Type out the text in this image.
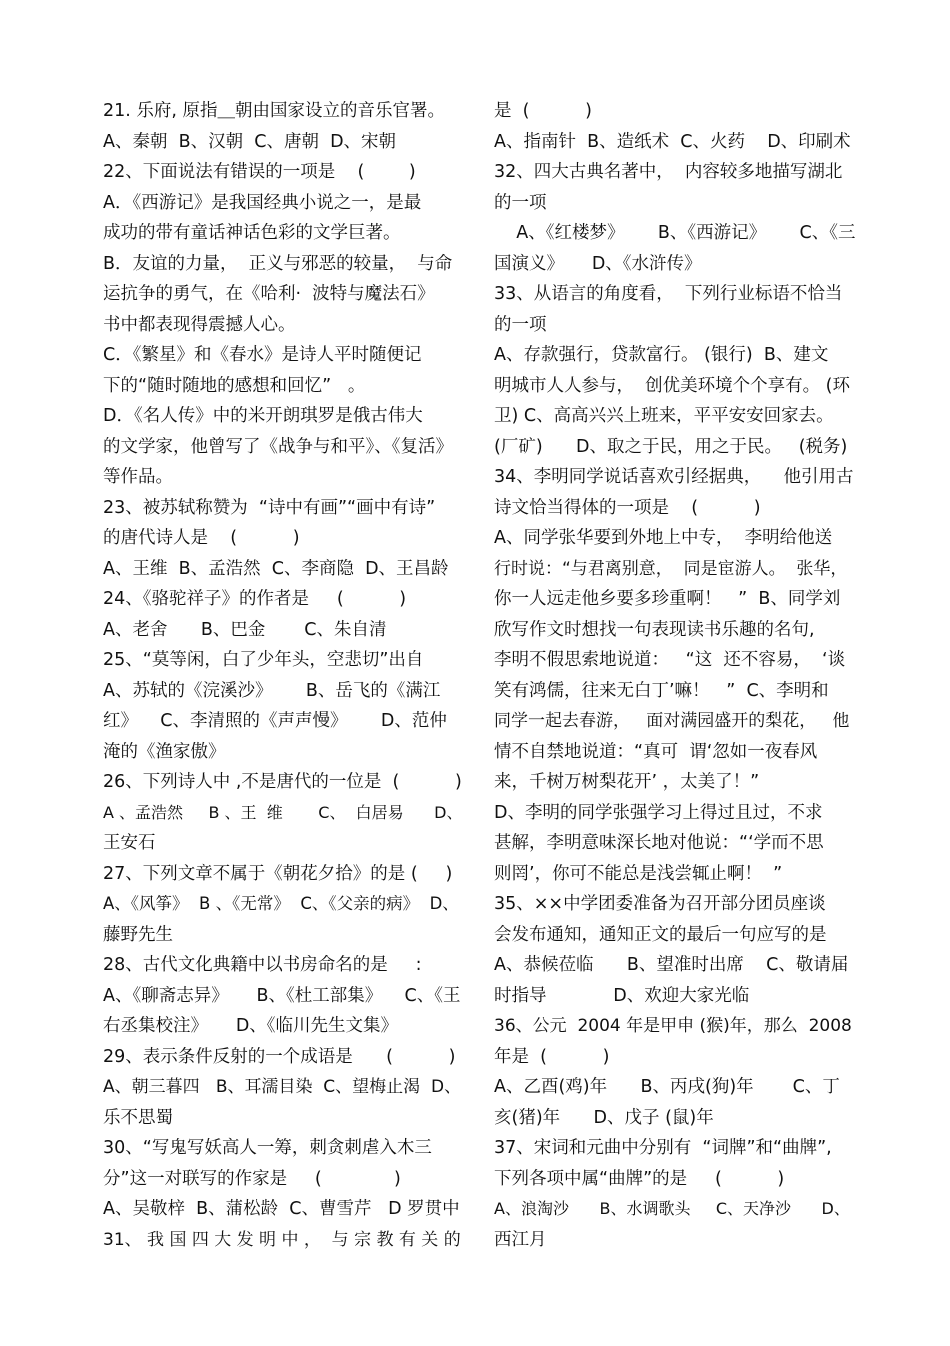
21. 乐府, 原指＿朝由国家设立的音乐官署。
A、秦朝  B、汉朝  C、唐朝  D、宋朝
22、下面说法有错误的一项是    (        )
A．《西游记》是我国经典小说之一，是最
成功的带有童话神话色彩的文学巨著。
B．友谊的力量，  正义与邪恶的较量，  与命
运抗争的勇气，在《哈利·  波特与魔法石》
书中都表现得震撼人心。
C．《繁星》和《春水》是诗人平时随便记
下的“随时随地的感想和回忆”   。
D．《名人传》中的米开朗琪罗是俄古伟大
的文学家，他曾写了《战争与和平》、《复活》
等作品。
23、被苏轼称赞为  “诗中有画”“画中有诗”
的唐代诗人是    (          )
A、王维  B、孟浩然  C、李商隐  D、王昌龄
24、《骆驼祥子》的作者是     (          )
A、老舍      B、巴金       C、朱自清
25、“莫等闲，白了少年头，空悲切”出自
A、苏轼的《浣溪沙》      B、岳飞的《满江
红》    C、李清照的《声声慢》      D、范仲
淹的《渔家傲》
26、下列诗人中 ,不是唐代的一位是  (          )
A 、孟浩然     B 、王  维       C、  白居易      D、
王安石
27、下列文章不属于《朝花夕拾》的是 (     )
A、《风筝》  B 、《无常》  C、《父亲的病》  D、
藤野先生
28、古代文化典籍中以书房命名的是     :
A、《聊斋志异》     B、《杜工部集》    C、《王
右丞集校注》     D、《临川先生文集》
29、表示条件反射的一个成语是      (          )
A、朝三暮四   B、耳濡目染  C、望梅止渴  D、
乐不思蜀
30、“写鬼写妖高人一筹，刺贪刺虐入木三
分”这一对联写的作家是     (             )
A、吴敬梓  B、蒲松龄  C、曹雪芹   D 罗贯中
31、 我 国 四 大 发 明 中 ，  与 宗 教 有 关 的
是  (          )
A、指南针  B、造纸术  C、火药    D、印刷术
32、四大古典名著中，  内容较多地描写湖北
的一项
A、《红楼梦》      B、《西游记》      C、《三
国演义》     D、《水浒传》
33、从语言的角度看，  下列行业标语不恰当
的一项
A、存款强行，贷款富行。 (银行)  B、建文
明城市人人参与，  创优美环境个个享有。 (环
卫) C、高高兴兴上班来，平平安安回家去。
(厂矿)      D、取之于民，用之于民。   (税务)
34、李明同学说话喜欢引经据典，    他引用古
诗文恰当得体的一项是    (          )
A、同学张华要到外地上中专，  李明给他送
行时说：“与君离别意，  同是宦游人。  张华，
你一人远走他乡要多珍重啊！   ”  B、同学刘
欣写作文时想找一句表现读书乐趣的名句,
李明不假思索地说道：   “这  还不容易，  ‘谈
笑有鸿儒，往来无白丁’嘛！   ”  C、李明和
同学一起去春游，   面对满园盛开的梨花，   他
情不自禁地说道：“真可  谓‘忽如一夜春风
来，千树万树梨花开’ ，太美了！”
D、李明的同学张强学习上得过且过，不求
甚解，李明意味深长地对他说：“‘学而不思
则罔’，你可不能总是浅尝辄止啊！  ”
35、××中学团委准备为召开部分团员座谈
会发布通知，通知正文的最后一句应写的是
A、恭候莅临      B、望准时出席    C、敬请届
时指导            D、欢迎大家光临
36、公元  2004 年是甲申 (猴)年，那么  2008
年是  (          )
A、乙酉(鸡)年      B、丙戌(狗)年       C、丁
亥(猪)年      D、戊子 (鼠)年
37、宋词和元曲中分别有  “词牌”和“曲牌”,
下列各项中属“曲牌”的是     (          )
A、浪淘沙      B、水调歌头     C、天净沙      D、
西江月
